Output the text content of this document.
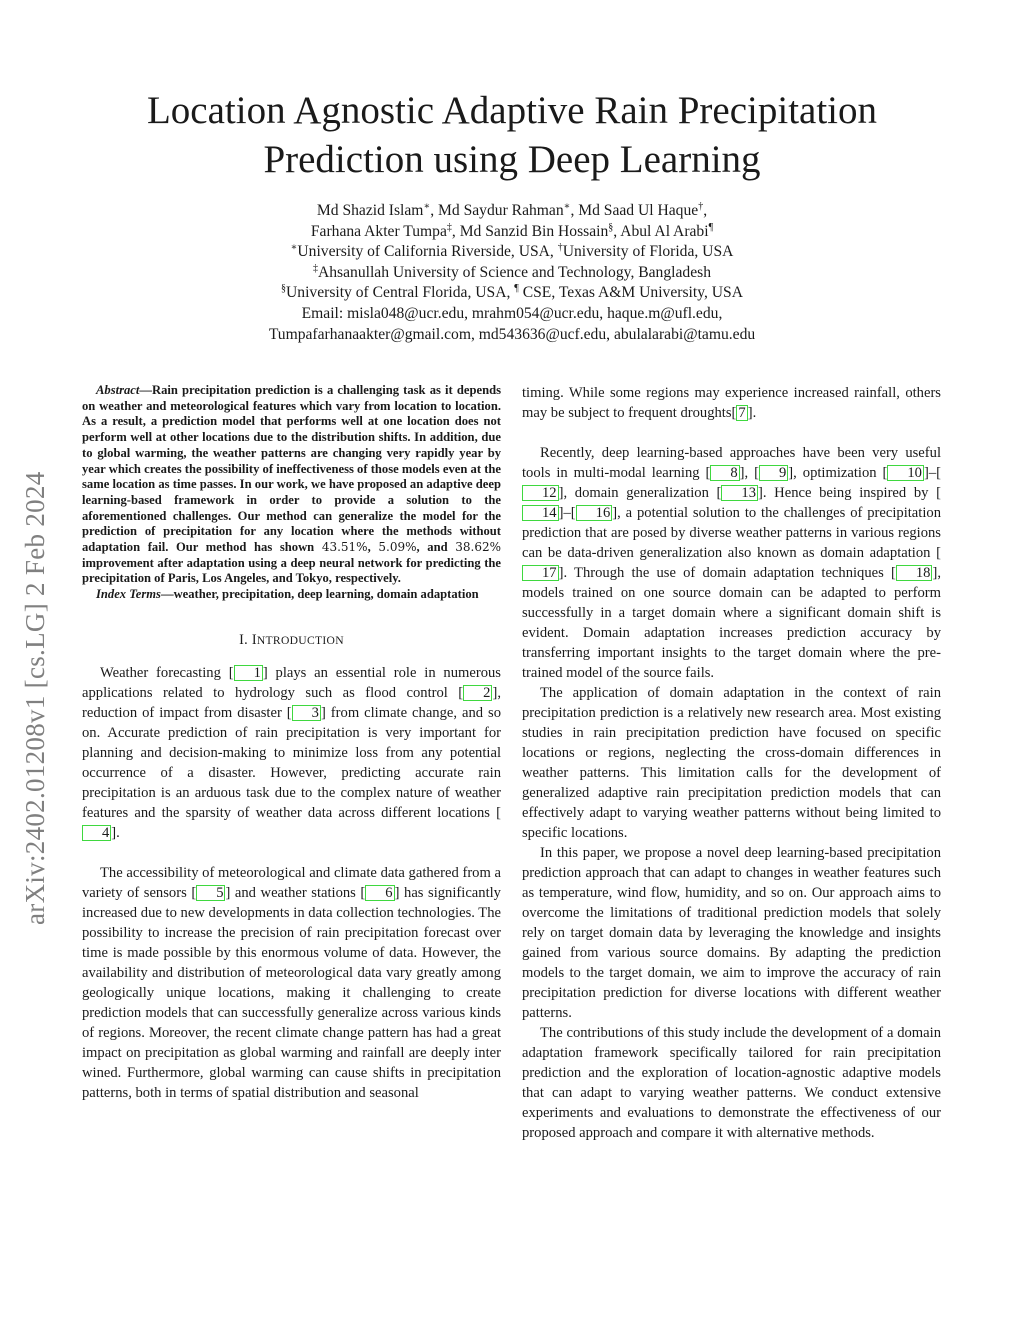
arXiv:2402.01208v1 [cs.LG] 2 Feb 2024
Location Agnostic Adaptive Rain Precipitation
Prediction using Deep Learning
Md Shazid Islam∗, Md Saydur Rahman∗, Md Saad Ul Haque†,
Farhana Akter Tumpa‡, Md Sanzid Bin Hossain§, Abul Al Arabi¶
∗University of California Riverside, USA, †University of Florida, USA
‡Ahsanullah University of Science and Technology, Bangladesh
§University of Central Florida, USA, ¶ CSE, Texas A&M University, USA
Email: misla048@ucr.edu, mrahm054@ucr.edu, haque.m@ufl.edu,
Tumpafarhanaakter@gmail.com, md543636@ucf.edu, abulalarabi@tamu.edu

Abstract—Rain precipitation prediction is a challenging task as it depends on weather and meteorological features which vary from location to location. As a result, a prediction model that performs well at one location does not perform well at other locations due to the distribution shifts. In addition, due to global warming, the weather patterns are changing very rapidly year by year which creates the possibility of ineffectiveness of those models even at the same location as time passes. In our work, we have proposed an adaptive deep learning-based framework in order to provide a solution to the aforementioned challenges. Our method can generalize the model for the prediction of precipitation for any location where the methods without adaptation fail. Our method has shown 43.51%, 5.09%, and 38.62% improvement after adaptation using a deep neural network for predicting the precipitation of Paris, Los Angeles, and Tokyo, respectively.

Index Terms—weather, precipitation, deep learning, domain adaptation

I. INTRODUCTION

Weather forecasting [ 1 ] plays an essential role in numerous applications related to hydrology such as flood control [ 2 ], reduction of impact from disaster [ 3 ] from climate change, and so on. Accurate prediction of rain precipitation is very important for planning and decision-making to minimize loss from any potential occurrence of a disaster. However, predicting accurate rain precipitation is an arduous task due to the complex nature of weather features and the sparsity of weather data across different locations [4 ].

The accessibility of meteorological and climate data gathered from a variety of sensors [ 5 ] and weather stations [ 6 ] has significantly increased due to new developments in data collection technologies. The possibility to increase the precision of rain precipitation forecast over time is made possible by this enormous volume of data. However, the availability and distribution of meteorological data vary greatly among geologically unique locations, making it challenging to create prediction models that can successfully generalize across various kinds of regions. Moreover, the recent climate change pattern has had a great impact on precipitation as global warming and rainfall are deeply inter wined. Furthermore, global warming can cause shifts in precipitation patterns, both in terms of spatial distribution and seasonal

timing. While some regions may experience increased rainfall, others may be subject to frequent droughts[ 7 ].

Recently, deep learning-based approaches have been very useful tools in multi-modal learning [ 8 ], [ 9 ], optimization [ 10 ]–[12 ], domain generalization [ 13 ]. Hence being inspired by [14 ]–[ 16 ], a potential solution to the challenges of precipitation prediction that are posed by diverse weather patterns in various regions can be data-driven generalization also known as domain adaptation [17 ]. Through the use of domain adaptation techniques [ 18 ], models trained on one source domain can be adapted to perform successfully in a target domain where a significant domain shift is evident. Domain adaptation increases prediction accuracy by transferring important insights to the target domain where the pre-trained model of the source fails.

The application of domain adaptation in the context of rain precipitation prediction is a relatively new research area. Most existing studies in rain precipitation prediction have focused on specific locations or regions, neglecting the cross-domain differences in weather patterns. This limitation calls for the development of generalized adaptive rain precipitation prediction models that can effectively adapt to varying weather patterns without being limited to specific locations.

In this paper, we propose a novel deep learning-based precipitation prediction approach that can adapt to changes in weather features such as temperature, wind flow, humidity, and so on. Our approach aims to overcome the limitations of traditional prediction models that solely rely on target domain data by leveraging the knowledge and insights gained from various source domains. By adapting the prediction models to the target domain, we aim to improve the accuracy of rain precipitation prediction for diverse locations with different weather patterns.

The contributions of this study include the development of a domain adaptation framework specifically tailored for rain precipitation prediction and the exploration of location-agnostic adaptive models that can adapt to varying weather patterns. We conduct extensive experiments and evaluations to demonstrate the effectiveness of our proposed approach and compare it with alternative methods.
